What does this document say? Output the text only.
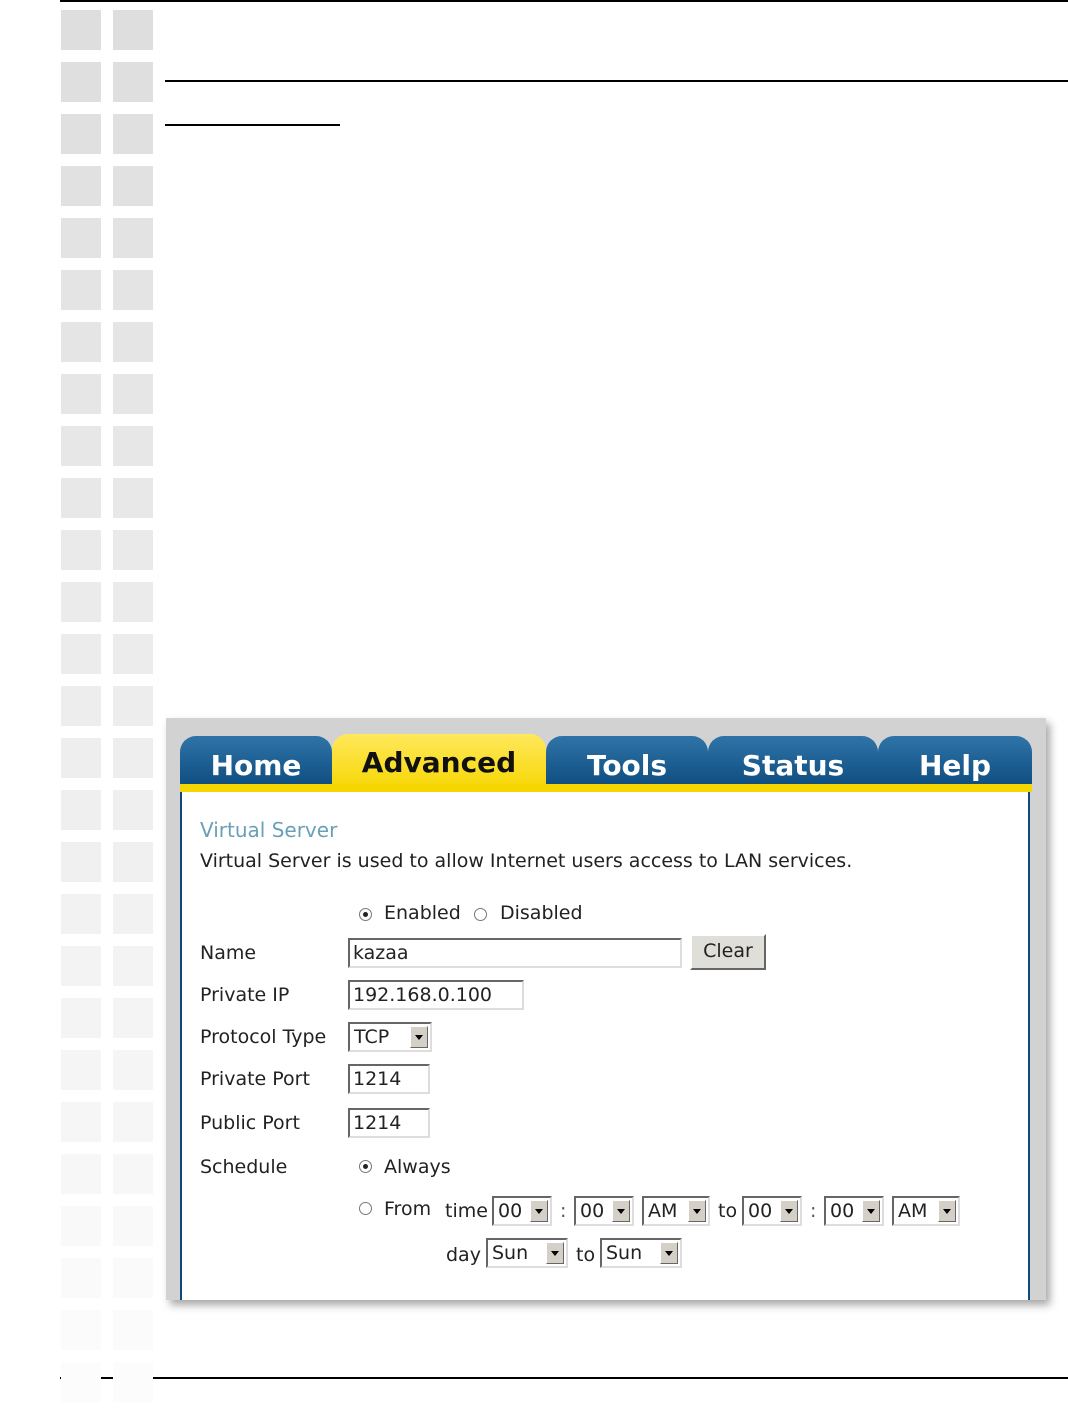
Home	Advanced	Tools	Status	Help
Virtual Server
Virtual Server is used to allow Internet users access to LAN services.
Enabled Disabled
Name	kazaa	Clear
Private IP	192.168.0.100
Protocol Type	TCP
Private Port 1214
Public Port	1214
Schedule	Always
From time 00	: 00	AM	to 00	: 00	AM
day Sun	to Sun
